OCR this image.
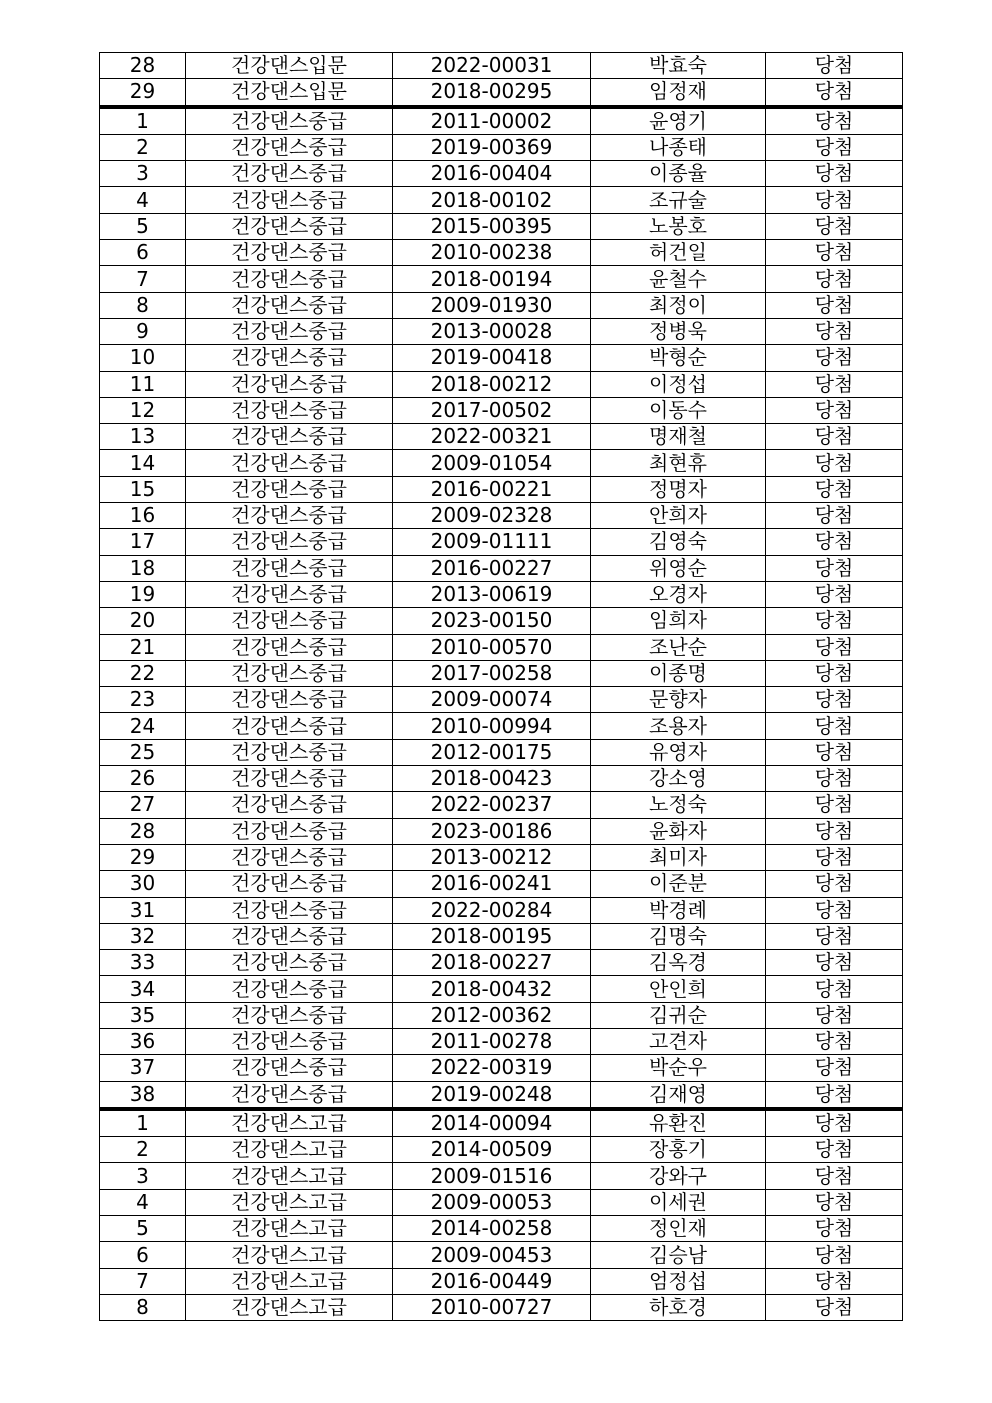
28	건강댄스입문	2022-00031	박효숙	당첨
29	건강댄스입문	2018-00295	임정재	당첨
1	건강댄스중급	2011-00002	윤영기	당첨
2	건강댄스중급	2019-00369	나종태	당첨
3	건강댄스중급	2016-00404	이종율	당첨
4	건강댄스중급	2018-00102	조규술	당첨
5	건강댄스중급	2015-00395	노봉호	당첨
6	건강댄스중급	2010-00238	허건일	당첨
7	건강댄스중급	2018-00194	윤철수	당첨
8	건강댄스중급	2009-01930	최정이	당첨
9	건강댄스중급	2013-00028	정병욱	당첨
10	건강댄스중급	2019-00418	박형순	당첨
11	건강댄스중급	2018-00212	이정섭	당첨
12	건강댄스중급	2017-00502	이동수	당첨
13	건강댄스중급	2022-00321	명재철	당첨
14	건강댄스중급	2009-01054	최현휴	당첨
15	건강댄스중급	2016-00221	정명자	당첨
16	건강댄스중급	2009-02328	안희자	당첨
17	건강댄스중급	2009-01111	김영숙	당첨
18	건강댄스중급	2016-00227	위영순	당첨
19	건강댄스중급	2013-00619	오경자	당첨
20	건강댄스중급	2023-00150	임희자	당첨
21	건강댄스중급	2010-00570	조난순	당첨
22	건강댄스중급	2017-00258	이종명	당첨
23	건강댄스중급	2009-00074	문향자	당첨
24	건강댄스중급	2010-00994	조용자	당첨
25	건강댄스중급	2012-00175	유영자	당첨
26	건강댄스중급	2018-00423	강소영	당첨
27	건강댄스중급	2022-00237	노정숙	당첨
28	건강댄스중급	2023-00186	윤화자	당첨
29	건강댄스중급	2013-00212	최미자	당첨
30	건강댄스중급	2016-00241	이준분	당첨
31	건강댄스중급	2022-00284	박경례	당첨
32	건강댄스중급	2018-00195	김명숙	당첨
33	건강댄스중급	2018-00227	김옥경	당첨
34	건강댄스중급	2018-00432	안인희	당첨
35	건강댄스중급	2012-00362	김귀순	당첨
36	건강댄스중급	2011-00278	고견자	당첨
37	건강댄스중급	2022-00319	박순우	당첨
38	건강댄스중급	2019-00248	김재영	당첨
1	건강댄스고급	2014-00094	유환진	당첨
2	건강댄스고급	2014-00509	장홍기	당첨
3	건강댄스고급	2009-01516	강와구	당첨
4	건강댄스고급	2009-00053	이세권	당첨
5	건강댄스고급	2014-00258	정인재	당첨
6	건강댄스고급	2009-00453	김승남	당첨
7	건강댄스고급	2016-00449	엄정섭	당첨
8	건강댄스고급	2010-00727	하호경	당첨
